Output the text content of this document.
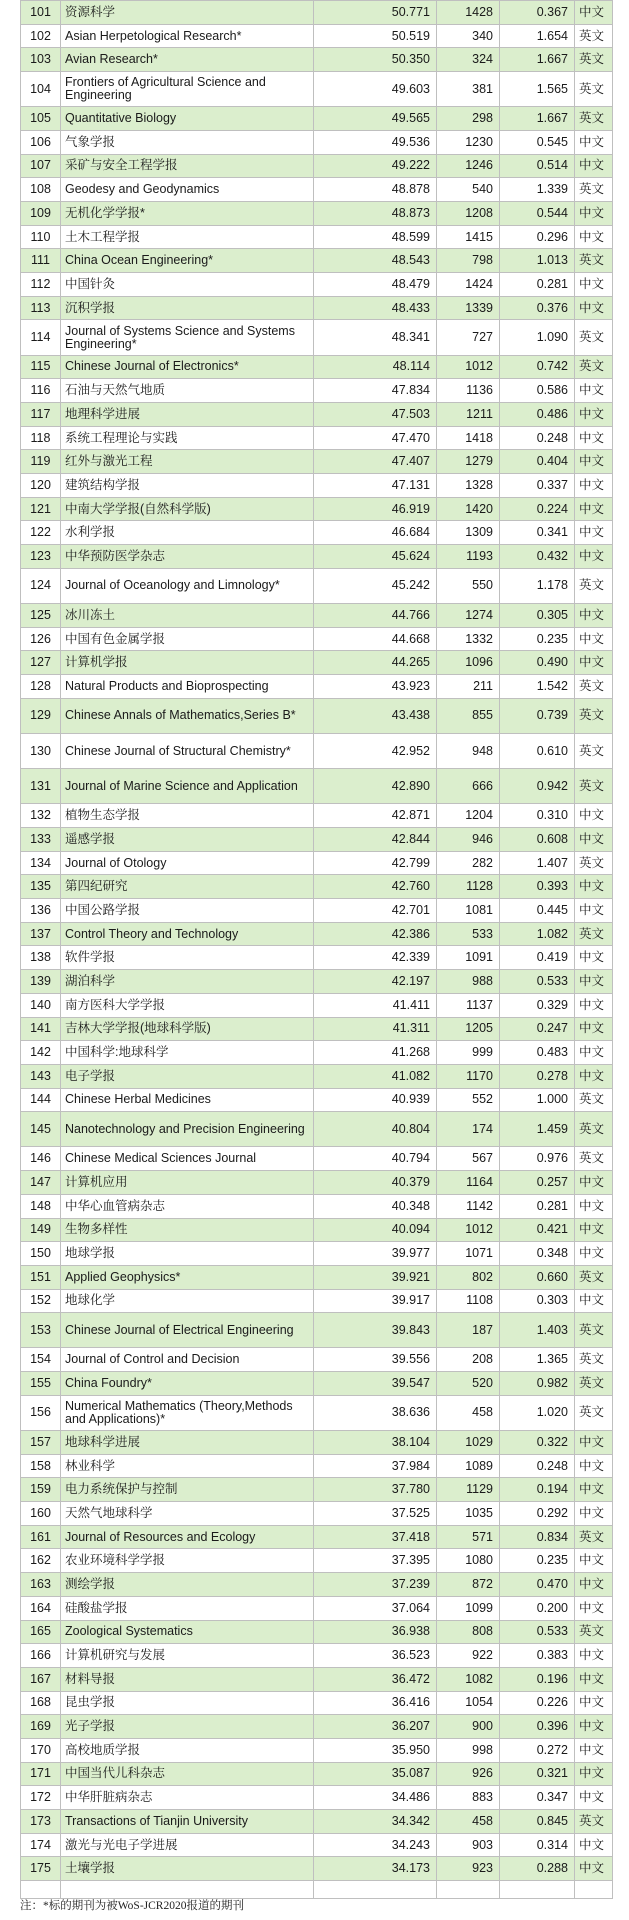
101	资源科学	50.771	1428	0.367	中文
102	Asian Herpetological Research*	50.519	340	1.654	英文
103	Avian Research*	50.350	324	1.667	英文
104	Frontiers of Agricultural Science and Engineering	49.603	381	1.565	英文
105	Quantitative Biology	49.565	298	1.667	英文
106	气象学报	49.536	1230	0.545	中文
107	采矿与安全工程学报	49.222	1246	0.514	中文
108	Geodesy and Geodynamics	48.878	540	1.339	英文
109	无机化学学报*	48.873	1208	0.544	中文
110	土木工程学报	48.599	1415	0.296	中文
111	China Ocean Engineering*	48.543	798	1.013	英文
112	中国针灸	48.479	1424	0.281	中文
113	沉积学报	48.433	1339	0.376	中文
114	Journal of Systems Science and Systems Engineering*	48.341	727	1.090	英文
115	Chinese Journal of Electronics*	48.114	1012	0.742	英文
116	石油与天然气地质	47.834	1136	0.586	中文
117	地理科学进展	47.503	1211	0.486	中文
118	系统工程理论与实践	47.470	1418	0.248	中文
119	红外与激光工程	47.407	1279	0.404	中文
120	建筑结构学报	47.131	1328	0.337	中文
121	中南大学学报(自然科学版)	46.919	1420	0.224	中文
122	水利学报	46.684	1309	0.341	中文
123	中华预防医学杂志	45.624	1193	0.432	中文
124	Journal of Oceanology and Limnology*	45.242	550	1.178	英文
125	冰川冻土	44.766	1274	0.305	中文
126	中国有色金属学报	44.668	1332	0.235	中文
127	计算机学报	44.265	1096	0.490	中文
128	Natural Products and Bioprospecting	43.923	211	1.542	英文
129	Chinese Annals of Mathematics,Series B*	43.438	855	0.739	英文
130	Chinese Journal of Structural Chemistry*	42.952	948	0.610	英文
131	Journal of Marine Science and Application	42.890	666	0.942	英文
132	植物生态学报	42.871	1204	0.310	中文
133	遥感学报	42.844	946	0.608	中文
134	Journal of Otology	42.799	282	1.407	英文
135	第四纪研究	42.760	1128	0.393	中文
136	中国公路学报	42.701	1081	0.445	中文
137	Control Theory and Technology	42.386	533	1.082	英文
138	软件学报	42.339	1091	0.419	中文
139	湖泊科学	42.197	988	0.533	中文
140	南方医科大学学报	41.411	1137	0.329	中文
141	吉林大学学报(地球科学版)	41.311	1205	0.247	中文
142	中国科学:地球科学	41.268	999	0.483	中文
143	电子学报	41.082	1170	0.278	中文
144	Chinese Herbal Medicines	40.939	552	1.000	英文
145	Nanotechnology and Precision Engineering	40.804	174	1.459	英文
146	Chinese Medical Sciences Journal	40.794	567	0.976	英文
147	计算机应用	40.379	1164	0.257	中文
148	中华心血管病杂志	40.348	1142	0.281	中文
149	生物多样性	40.094	1012	0.421	中文
150	地球学报	39.977	1071	0.348	中文
151	Applied Geophysics*	39.921	802	0.660	英文
152	地球化学	39.917	1108	0.303	中文
153	Chinese Journal of Electrical Engineering	39.843	187	1.403	英文
154	Journal of Control and Decision	39.556	208	1.365	英文
155	China Foundry*	39.547	520	0.982	英文
156	Numerical Mathematics (Theory,Methods and Applications)*	38.636	458	1.020	英文
157	地球科学进展	38.104	1029	0.322	中文
158	林业科学	37.984	1089	0.248	中文
159	电力系统保护与控制	37.780	1129	0.194	中文
160	天然气地球科学	37.525	1035	0.292	中文
161	Journal of Resources and Ecology	37.418	571	0.834	英文
162	农业环境科学学报	37.395	1080	0.235	中文
163	测绘学报	37.239	872	0.470	中文
164	硅酸盐学报	37.064	1099	0.200	中文
165	Zoological Systematics	36.938	808	0.533	英文
166	计算机研究与发展	36.523	922	0.383	中文
167	材料导报	36.472	1082	0.196	中文
168	昆虫学报	36.416	1054	0.226	中文
169	光子学报	36.207	900	0.396	中文
170	高校地质学报	35.950	998	0.272	中文
171	中国当代儿科杂志	35.087	926	0.321	中文
172	中华肝脏病杂志	34.486	883	0.347	中文
173	Transactions of Tianjin University	34.342	458	0.845	英文
174	激光与光电子学进展	34.243	903	0.314	中文
175	土壤学报	34.173	923	0.288	中文

注：*标的期刊为被WoS-JCR2020报道的期刊
